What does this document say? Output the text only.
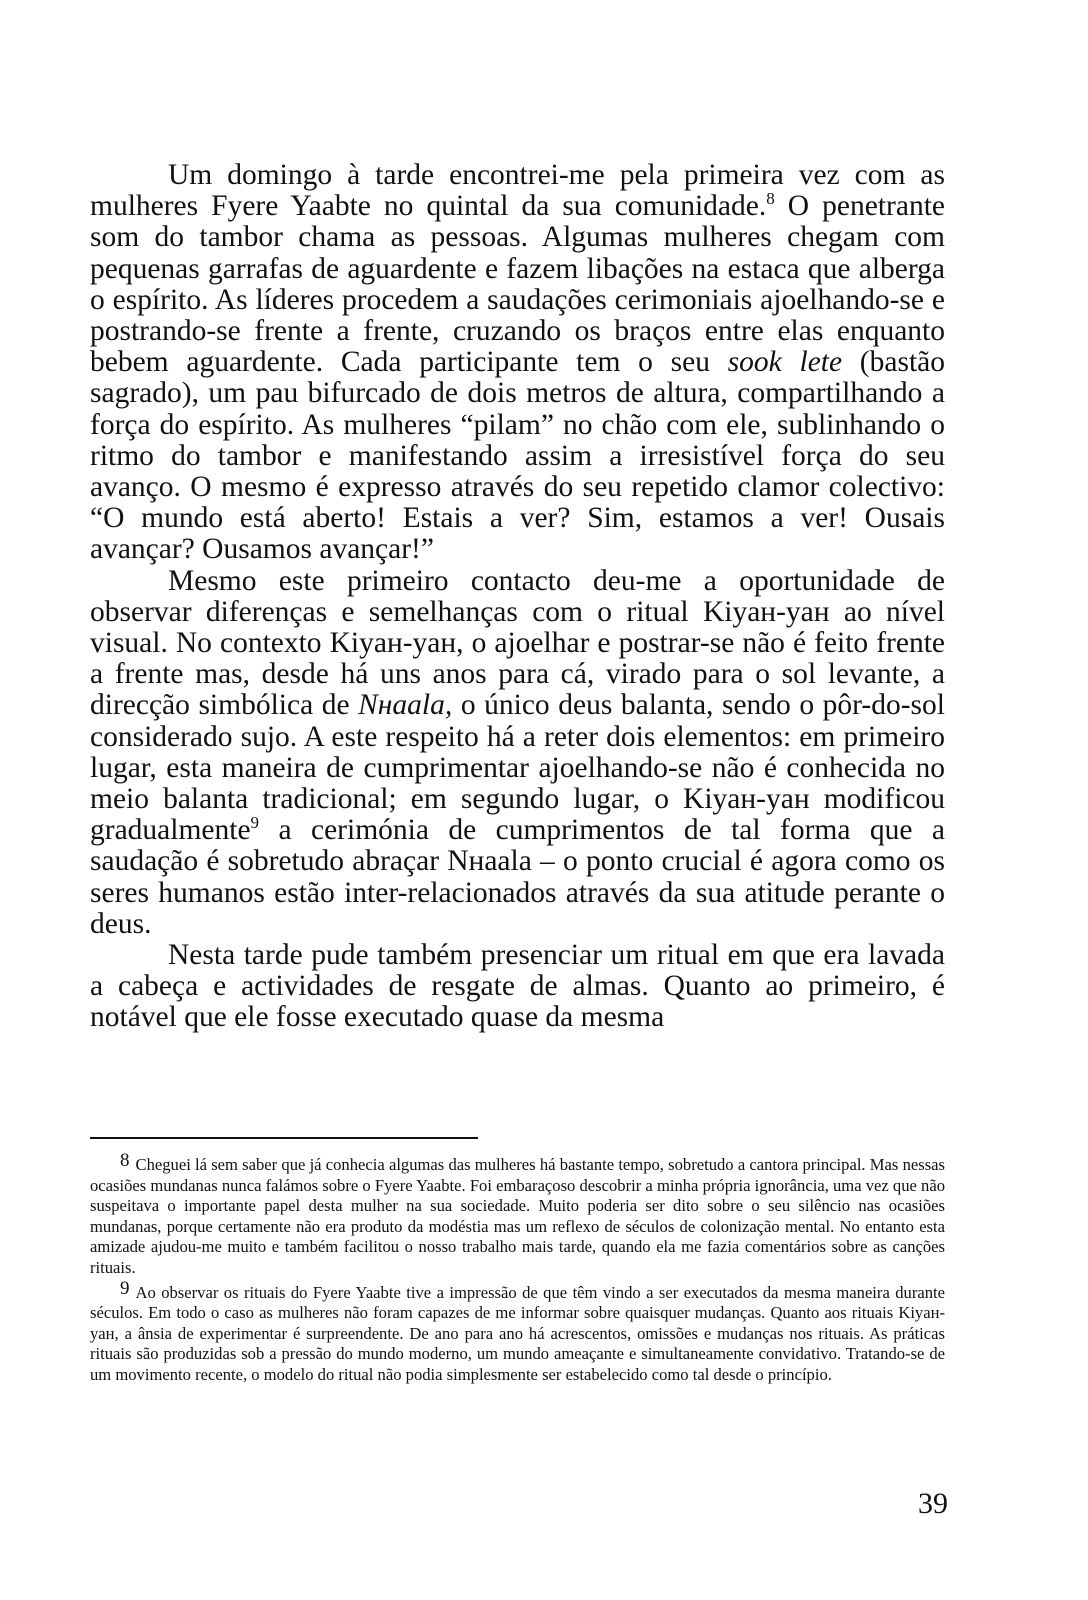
Um domingo à tarde encontrei-me pela primeira vez com as mulheres Fyere Yaabte no quintal da sua comunidade.$^8$ O penetrante som do tambor chama as pessoas. Algumas mulheres chegam com pequenas garrafas de aguardente e fazem libações na estaca que alberga o espírito. As líderes procedem a saudações cerimoniais ajoelhando-se e postrando-se frente a frente, cruzando os braços entre elas enquanto bebem aguardente. Cada participante tem o seu sook lete (bastão sagrado), um pau bifurcado de dois metros de altura, compartilhando a força do espírito. As mulheres “pilam” no chão com ele, sublinhando o ritmo do tambor e manifestando assim a irresistível força do seu avanço. O mesmo é expresso através do seu repetido clamor colectivo: “O mundo está aberto! Estais a ver? Sim, estamos a ver! Ousais avançar? Ousamos avançar!”

Mesmo este primeiro contacto deu-me a oportunidade de observar diferenças e semelhanças com o ritual Kiyaн-yaн ao nível visual. No contexto Kiyaн-yaн, o ajoelhar e postrar-se não é feito frente a frente mas, desde há uns anos para cá, virado para o sol levante, a direcção simbólica de Nнaala, o único deus balanta, sendo o pôr-do-sol considerado sujo. A este respeito há a reter dois elementos: em primeiro lugar, esta maneira de cumprimentar ajoelhando-se não é conhecida no meio balanta tradicional; em segundo lugar, o Kiyaн-yaн modificou gradualmente$^9$ a cerimónia de cumprimentos de tal forma que a saudação é sobretudo abraçar Nнaala – o ponto crucial é agora como os seres humanos estão inter-relacionados através da sua atitude perante o deus.

Nesta tarde pude também presenciar um ritual em que era lavada a cabeça e actividades de resgate de almas. Quanto ao primeiro, é notável que ele fosse executado quase da mesma

8 Cheguei lá sem saber que já conhecia algumas das mulheres há bastante tempo, sobretudo a cantora principal. Mas nessas ocasiões mundanas nunca falámos sobre o Fyere Yaabte. Foi embaraçoso descobrir a minha própria ignorância, uma vez que não suspeitava o importante papel desta mulher na sua sociedade. Muito poderia ser dito sobre o seu silêncio nas ocasiões mundanas, porque certamente não era produto da modéstia mas um reflexo de séculos de colonização mental. No entanto esta amizade ajudou-me muito e também facilitou o nosso trabalho mais tarde, quando ela me fazia comentários sobre as canções rituais.

9 Ao observar os rituais do Fyere Yaabte tive a impressão de que têm vindo a ser executados da mesma maneira durante séculos. Em todo o caso as mulheres não foram capazes de me informar sobre quaisquer mudanças. Quanto aos rituais Kiyaн-yaн, a ânsia de experimentar é surpreendente. De ano para ano há acrescentos, omissões e mudanças nos rituais. As práticas rituais são produzidas sob a pressão do mundo moderno, um mundo ameaçante e simultaneamente convidativo. Tratando-se de um movimento recente, o modelo do ritual não podia simplesmente ser estabelecido como tal desde o princípio.

39
